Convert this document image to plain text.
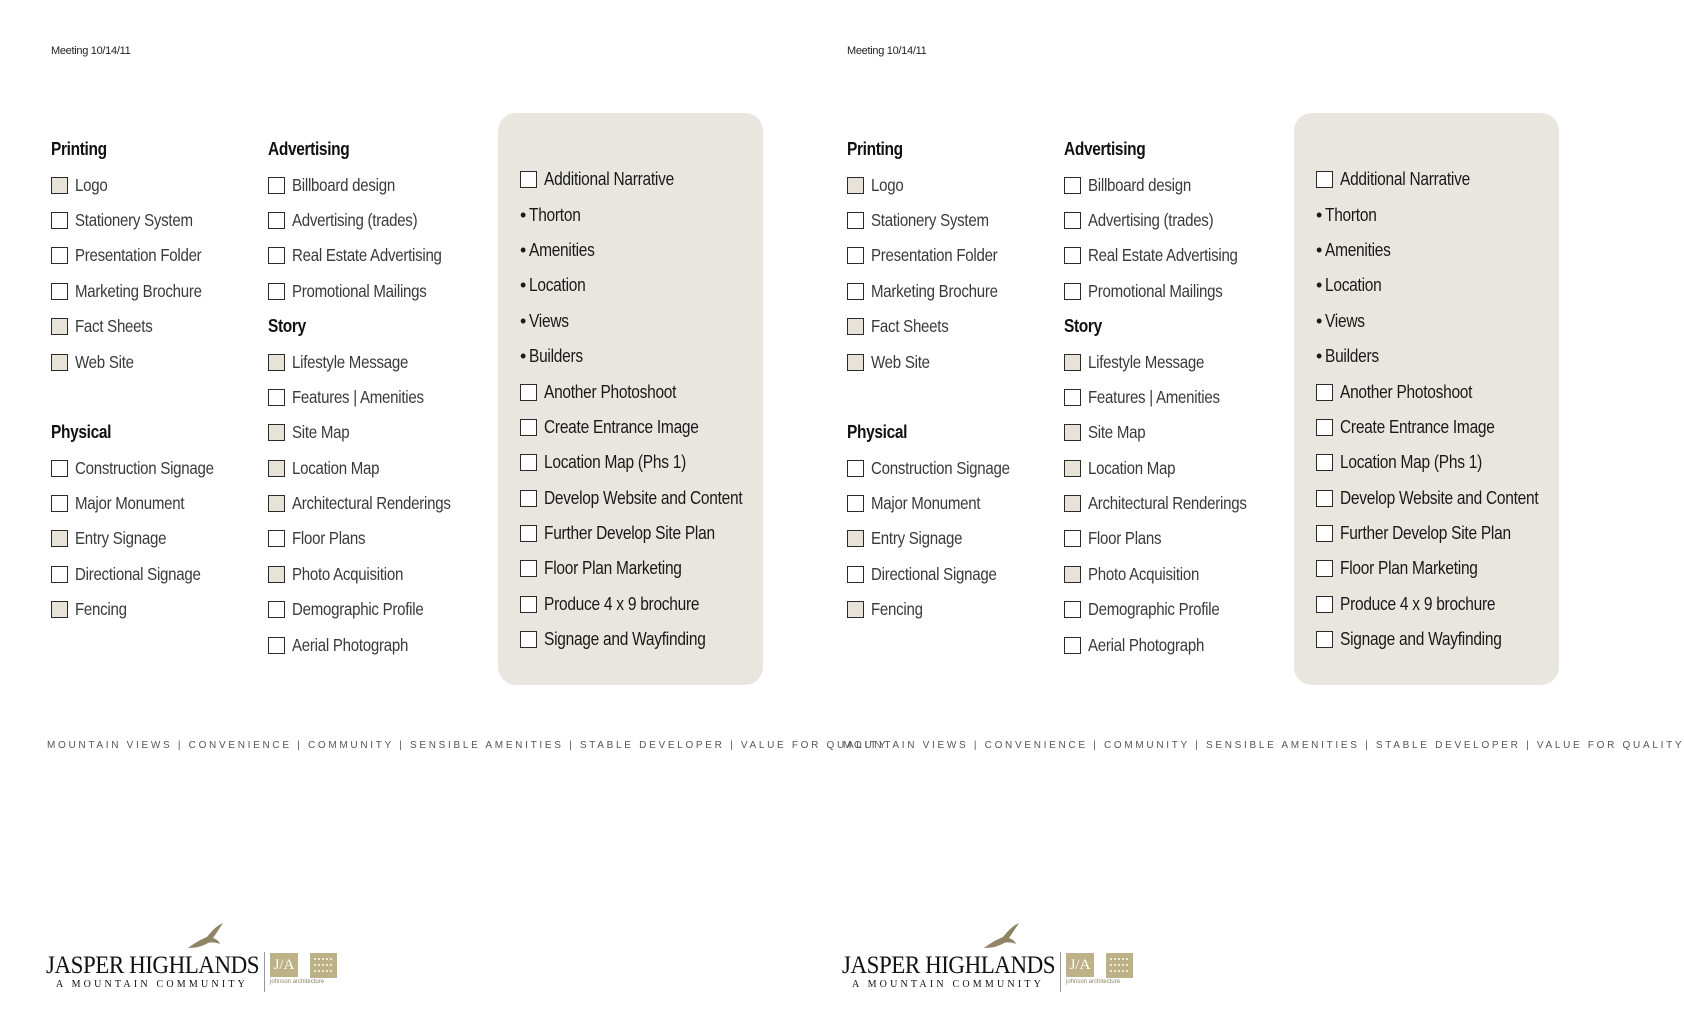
Meeting 10/14/11
Printing
Logo
Stationery System
Presentation Folder
Marketing Brochure
Fact Sheets
Web Site
Physical
Construction Signage
Major Monument
Entry Signage
Directional Signage
Fencing
Advertising
Billboard design
Advertising (trades)
Real Estate Advertising
Promotional Mailings
Story
Lifestyle Message
Features | Amenities
Site Map
Location Map
Architectural Renderings
Floor Plans
Photo Acquisition
Demographic Profile
Aerial Photograph
Additional Narrative
• Thorton
• Amenities
• Location
• Views
• Builders
Another Photoshoot
Create Entrance Image
Location Map (Phs 1)
Develop Website and Content
Further Develop Site Plan
Floor Plan Marketing
Produce 4 x 9 brochure
Signage and Wayfinding
MOUNTAIN VIEWS | CONVENIENCE | COMMUNITY | SENSIBLE AMENITIES | STABLE DEVELOPER | VALUE FOR QUALITY
JASPER HIGHLANDS
A MOUNTAIN COMMUNITY
J/A
johnson architecture
Meeting 10/14/11
Printing
Logo
Stationery System
Presentation Folder
Marketing Brochure
Fact Sheets
Web Site
Physical
Construction Signage
Major Monument
Entry Signage
Directional Signage
Fencing
Advertising
Billboard design
Advertising (trades)
Real Estate Advertising
Promotional Mailings
Story
Lifestyle Message
Features | Amenities
Site Map
Location Map
Architectural Renderings
Floor Plans
Photo Acquisition
Demographic Profile
Aerial Photograph
Additional Narrative
• Thorton
• Amenities
• Location
• Views
• Builders
Another Photoshoot
Create Entrance Image
Location Map (Phs 1)
Develop Website and Content
Further Develop Site Plan
Floor Plan Marketing
Produce 4 x 9 brochure
Signage and Wayfinding
MOUNTAIN VIEWS | CONVENIENCE | COMMUNITY | SENSIBLE AMENITIES | STABLE DEVELOPER | VALUE FOR QUALITY
JASPER HIGHLANDS
A MOUNTAIN COMMUNITY
J/A
johnson architecture
